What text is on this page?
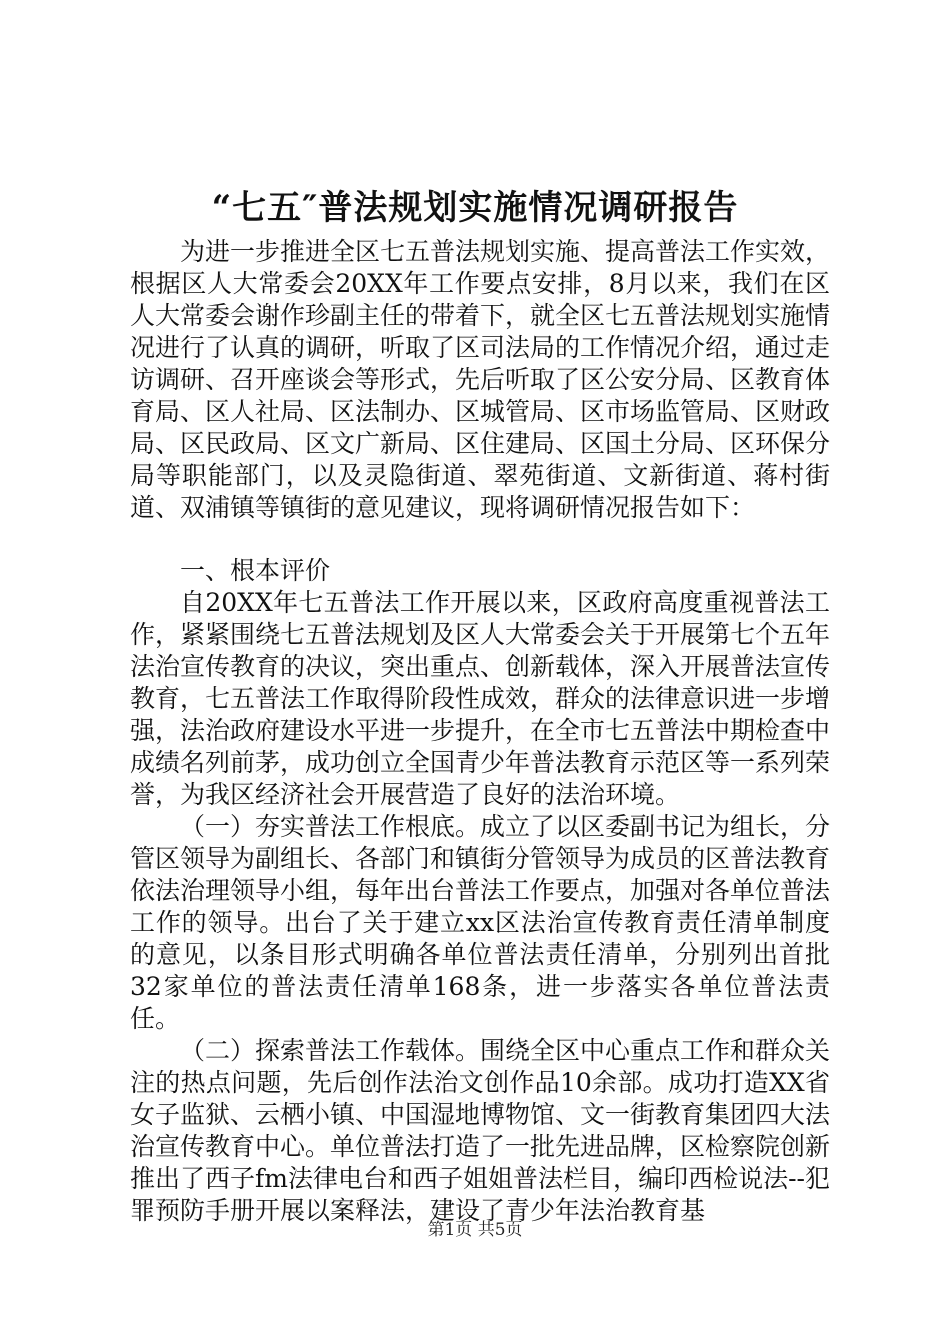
“七五″普法规划实施情况调研报告

为进一步推进全区七五普法规划实施、提高普法工作实效，根据区人大常委会20XX年工作要点安排，8月以来，我们在区人大常委会谢作珍副主任的带着下，就全区七五普法规划实施情况进行了认真的调研，听取了区司法局的工作情况介绍，通过走访调研、召开座谈会等形式，先后听取了区公安分局、区教育体育局、区人社局、区法制办、区城管局、区市场监管局、区财政局、区民政局、区文广新局、区住建局、区国土分局、区环保分局等职能部门，以及灵隐街道、翠苑街道、文新街道、蒋村街道、双浦镇等镇街的意见建议，现将调研情况报告如下：

一、根本评价

自20XX年七五普法工作开展以来，区政府高度重视普法工作，紧紧围绕七五普法规划及区人大常委会关于开展第七个五年法治宣传教育的决议，突出重点、创新载体，深入开展普法宣传教育，七五普法工作取得阶段性成效，群众的法律意识进一步增强，法治政府建设水平进一步提升，在全市七五普法中期检查中成绩名列前茅，成功创立全国青少年普法教育示范区等一系列荣誉，为我区经济社会开展营造了良好的法治环境。

（一）夯实普法工作根底。成立了以区委副书记为组长，分管区领导为副组长、各部门和镇街分管领导为成员的区普法教育依法治理领导小组，每年出台普法工作要点，加强对各单位普法工作的领导。出台了关于建立xx区法治宣传教育责任清单制度的意见，以条目形式明确各单位普法责任清单，分别列出首批32家单位的普法责任清单168条，进一步落实各单位普法责任。

（二）探索普法工作载体。围绕全区中心重点工作和群众关注的热点问题，先后创作法治文创作品10余部。成功打造XX省女子监狱、云栖小镇、中国湿地博物馆、文一街教育集团四大法治宣传教育中心。单位普法打造了一批先进品牌，区检察院创新推出了西子fm法律电台和西子姐姐普法栏目，编印西检说法--犯罪预防手册开展以案释法，建设了青少年法治教育基

第1页 共5页
